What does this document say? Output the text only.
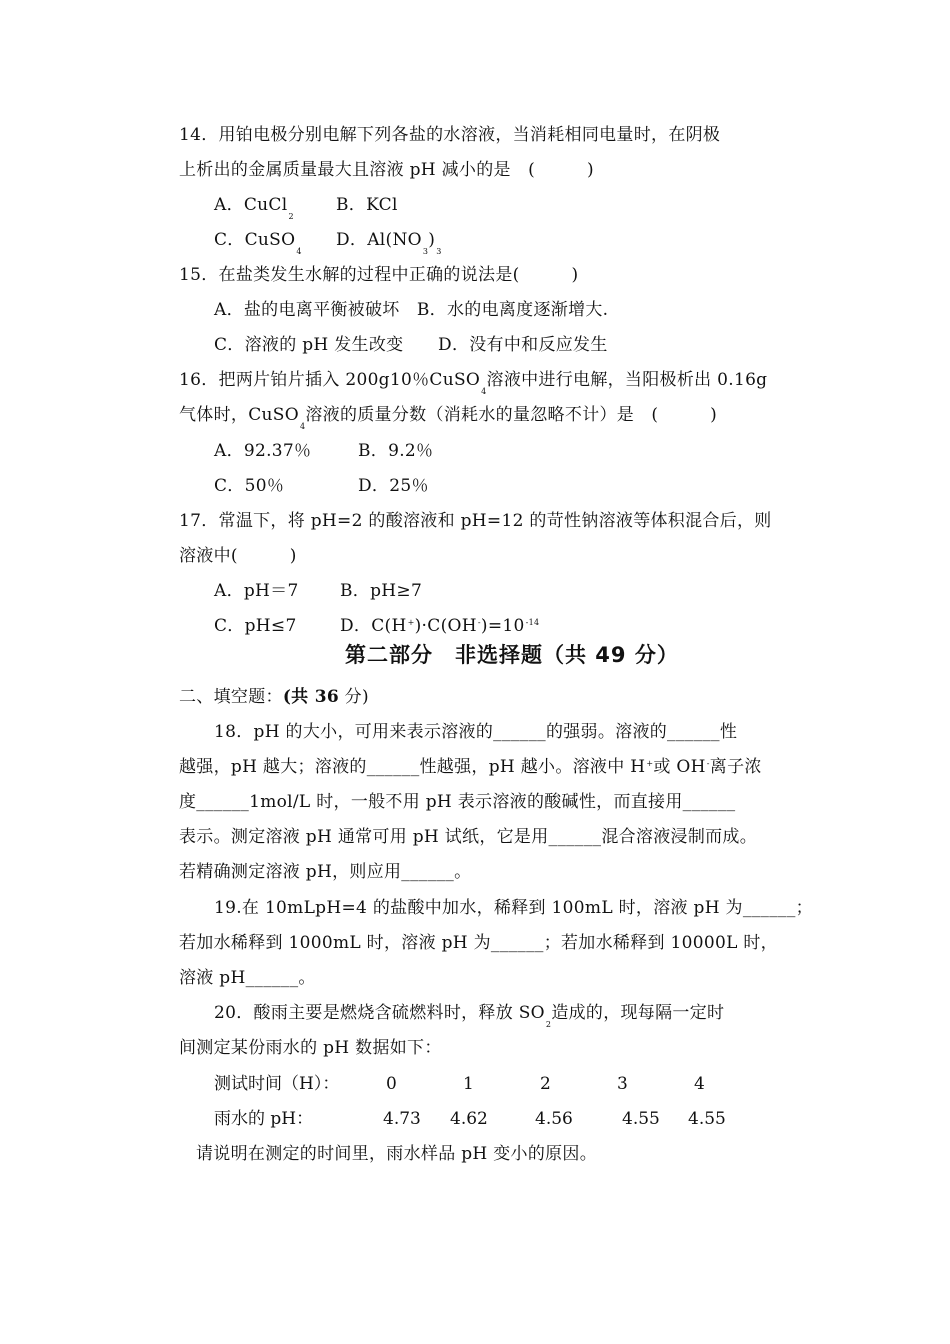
14．用铂电极分别电解下列各盐的水溶液，当消耗相同电量时，在阴极
上析出的金属质量最大且溶液 pH 减小的是　(　　　)
A．CuCl$_2$
B．KCl
C．CuSO$_4$
D．$Al(NO_3)_3$
15．在盐类发生水解的过程中正确的说法是(　　　)
A．盐的电离平衡被破坏　B．水的电离度逐渐增大.
C．溶液的 pH 发生改变　　D．没有中和反应发生
16．把两片铂片插入 200g10％CuSO$_4$溶液中进行电解，当阳极析出 0.16g
气体时，CuSO$_4$溶液的质量分数（消耗水的量忽略不计）是　(　　　)
A．92.37％	B．9.2％
C．50％	D．25％
17．常温下，将 pH=2 的酸溶液和 pH=12 的苛性钠溶液等体积混合后，则
溶液中(　　　)
A．pH＝7 B．pH≥7
C．pH≤7	D．$C(H^+)\cdot C(OH^-)=10^{-14}$
第二部分　非选择题（共 49 分）
二、填空题：(共 36 分)
18．pH 的大小，可用来表示溶液的______的强弱。溶液的______性
越强，pH 越大；溶液的______性越强，pH 越小。溶液中 H+或 OH-离子浓
度______1mol/L 时，一般不用 pH 表示溶液的酸碱性，而直接用______
表示。测定溶液 pH 通常可用 pH 试纸，它是用______混合溶液浸制而成。
若精确测定溶液 pH，则应用______。
19.在 10mLpH=4 的盐酸中加水，稀释到 100mL 时，溶液 pH 为______；
若加水稀释到 1000mL 时，溶液 pH 为______；若加水稀释到 10000L 时，
溶液 pH______。
20．酸雨主要是燃烧含硫燃料时，释放 $SO_2$造成的，现每隔一定时
间测定某份雨水的 pH 数据如下：
测试时间（H）：	0	1	2	3	4
雨水的 pH：	4.73 4.62	4.56	4.55 4.55
请说明在测定的时间里，雨水样品 pH 变小的原因。
